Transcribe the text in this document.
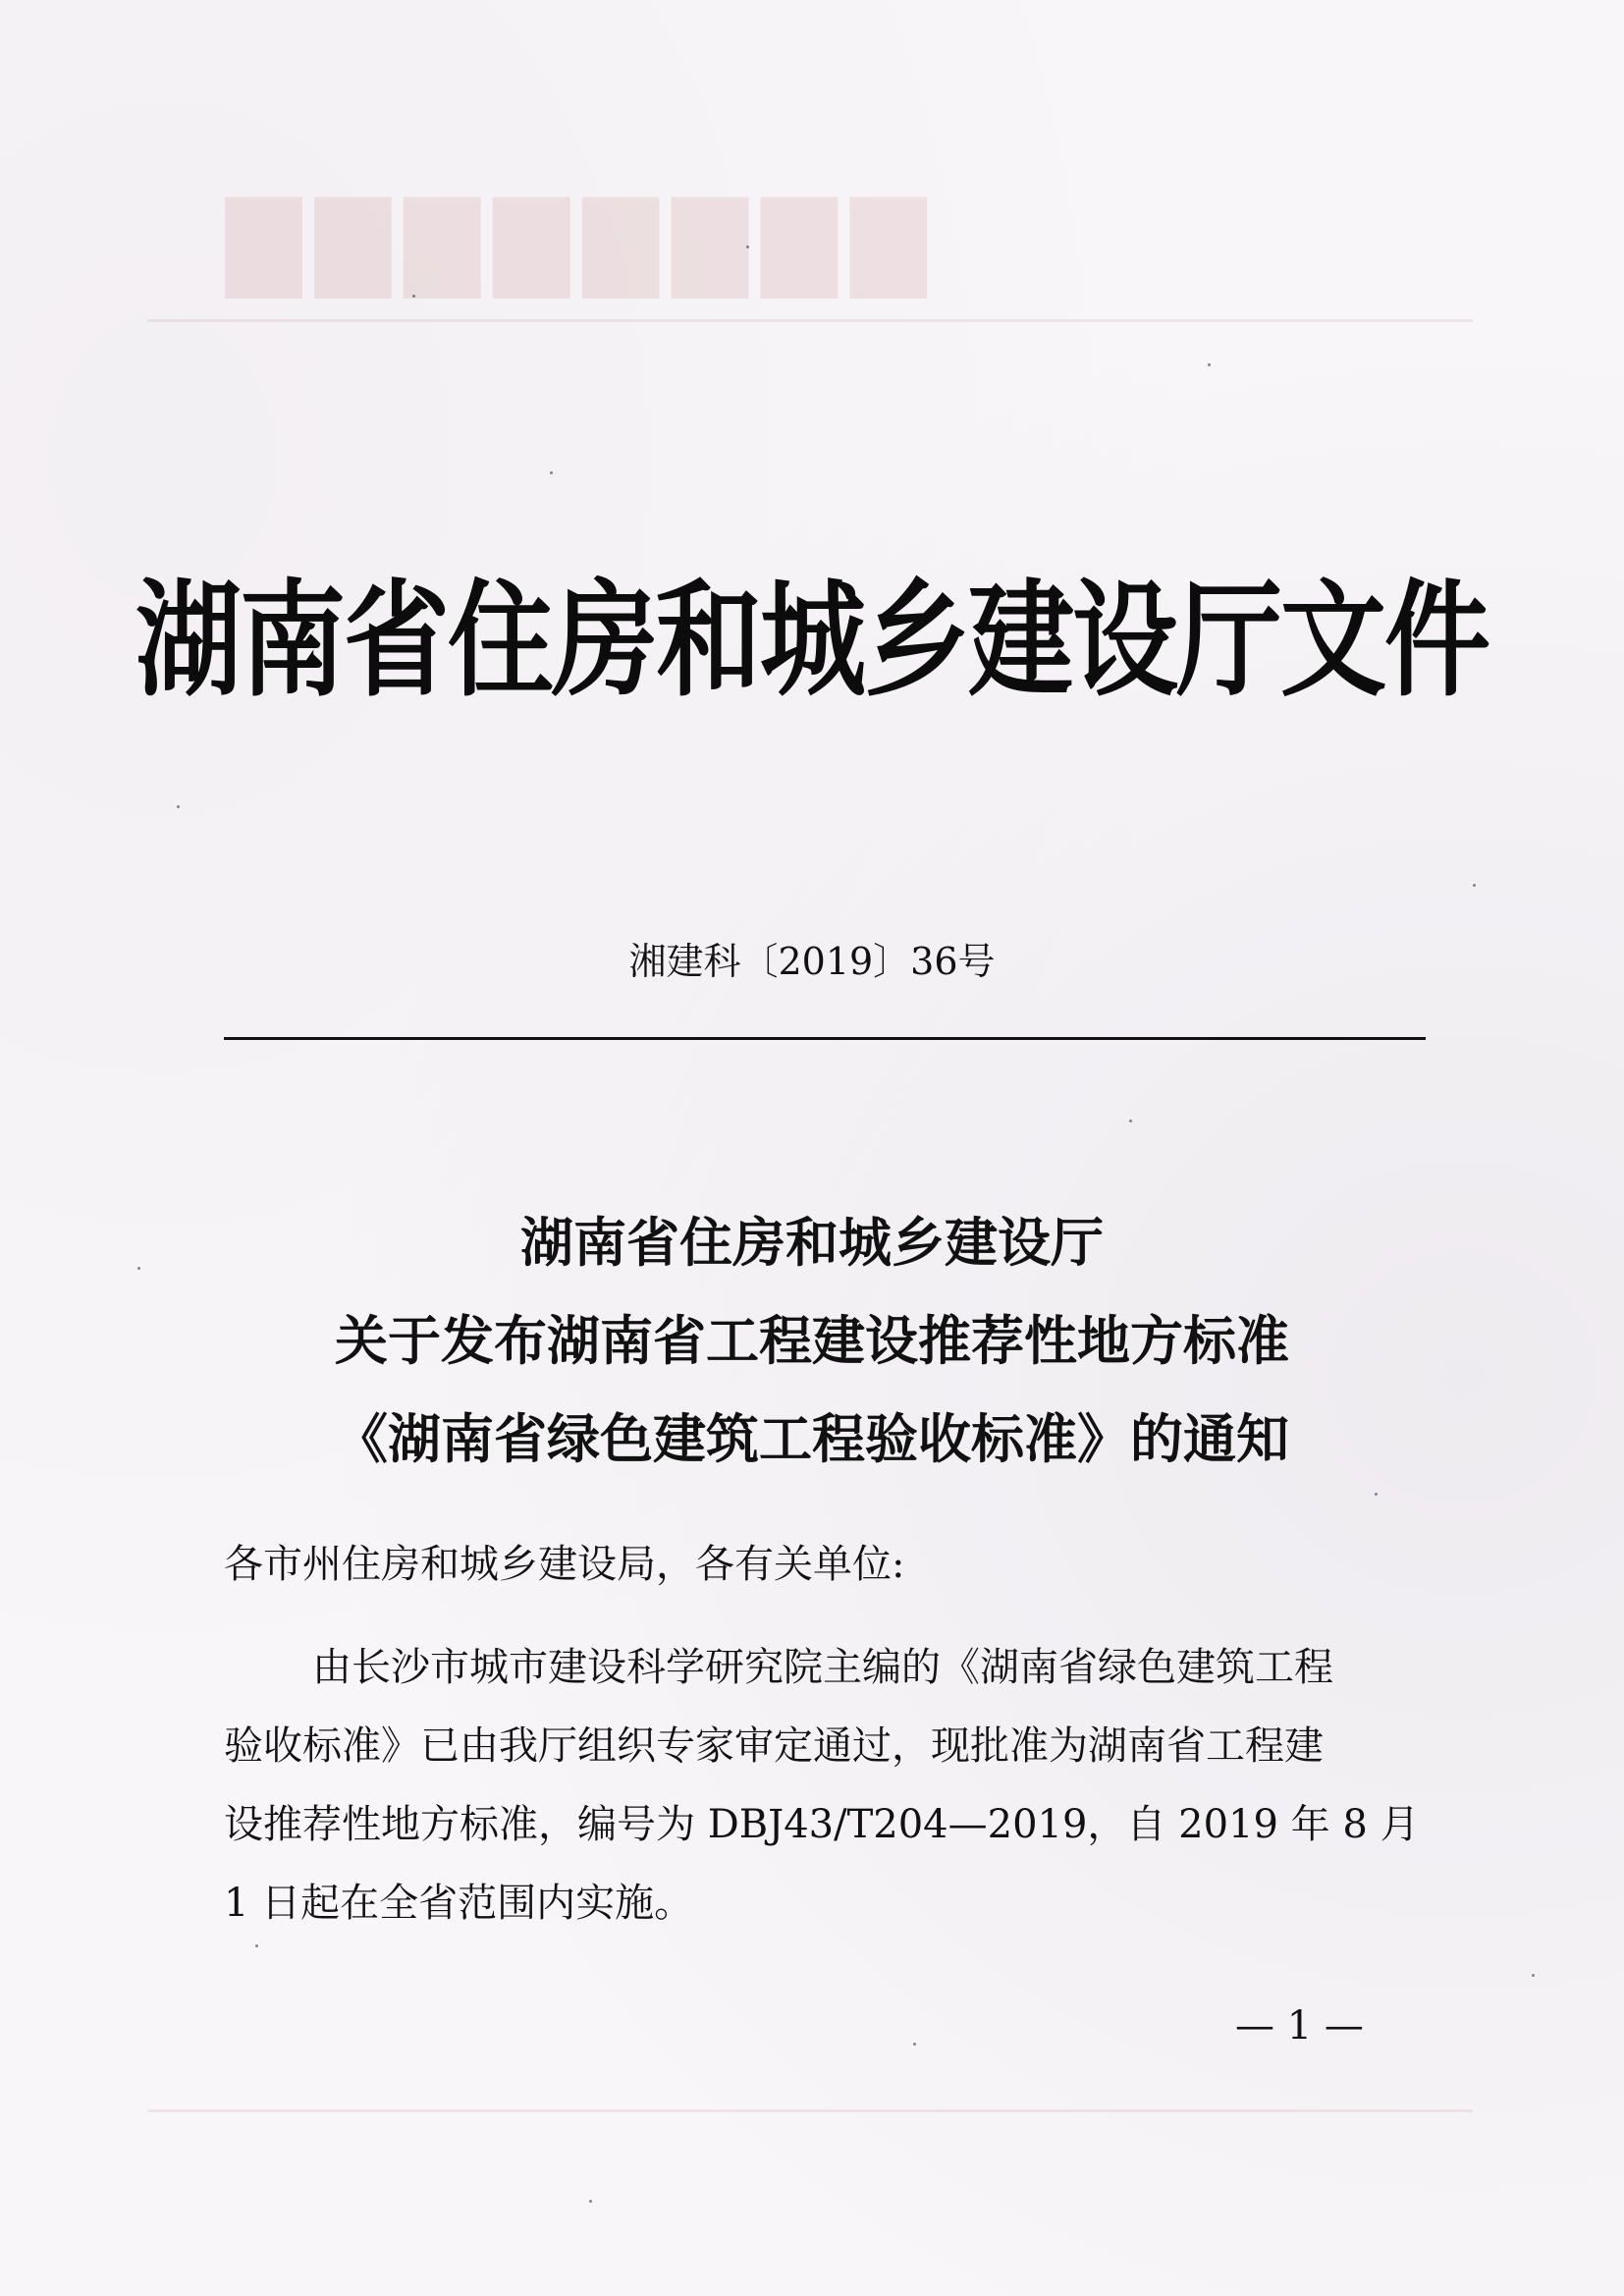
▇▇▇▇▇▇▇▇
湖南省住房和城乡建设厅文件
湘建科〔2019〕36号
湖南省住房和城乡建设厅
关于发布湖南省工程建设推荐性地方标准
《湖南省绿色建筑工程验收标准》的通知
各市州住房和城乡建设局，各有关单位:
由长沙市城市建设科学研究院主编的《湖南省绿色建筑工程
验收标准》已由我厅组织专家审定通过，现批准为湖南省工程建
设推荐性地方标准，编号为 DBJ43/T204—2019，自 2019 年 8 月
1 日起在全省范围内实施。
— 1 —
